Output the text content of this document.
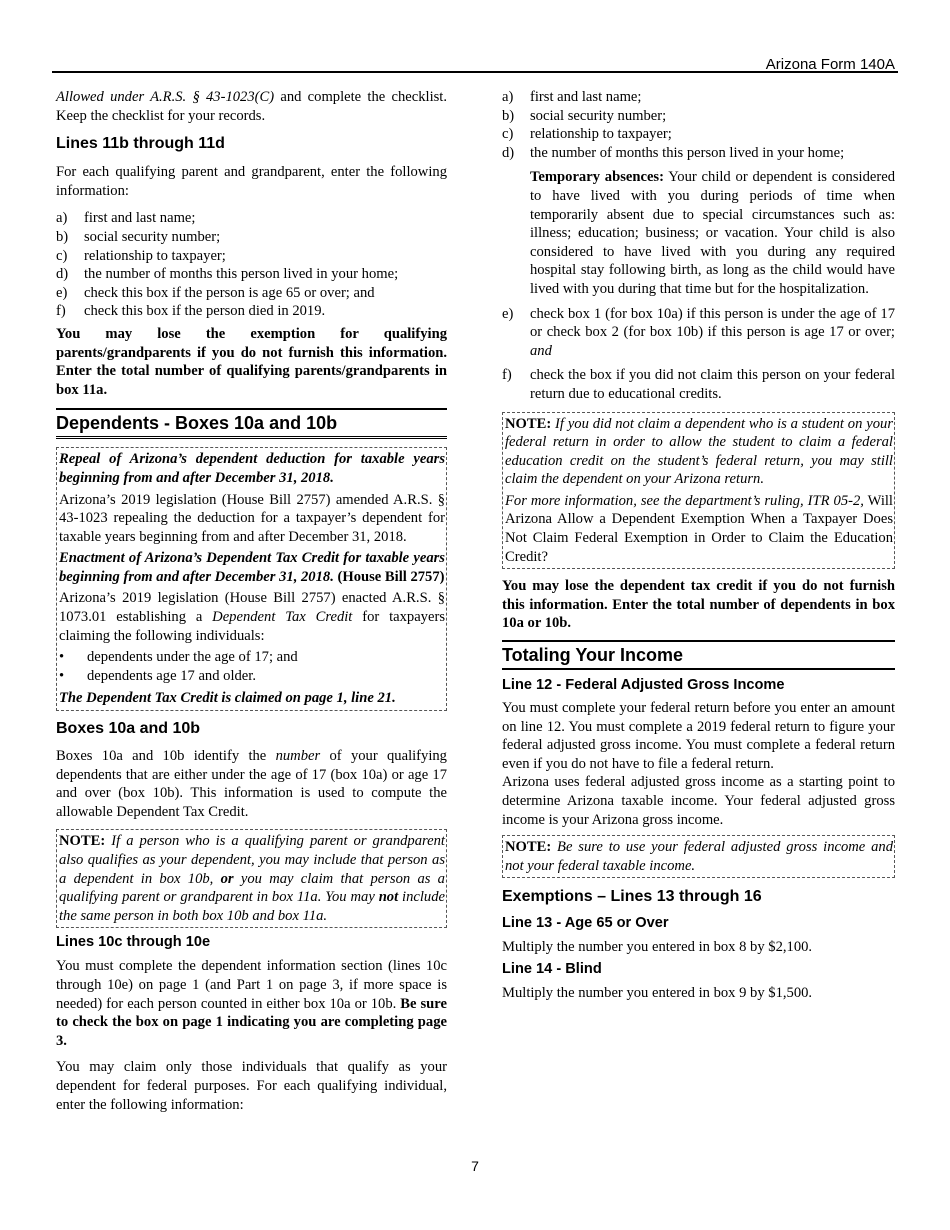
Arizona Form 140A

Allowed under A.R.S. § 43-1023(C) and complete the checklist. Keep the checklist for your records.

Lines 11b through 11d

For each qualifying parent and grandparent, enter the following information:

a)	first and last name;
b)	social security number;
c)	relationship to taxpayer;
d)	the number of months this person lived in your home;
e)	check this box if the person is age 65 or over; and
f)	check this box if the person died in 2019.

You may lose the exemption for qualifying parents/grandparents if you do not furnish this information. Enter the total number of qualifying parents/grandparents in box 11a.

Dependents - Boxes 10a and 10b

Repeal of Arizona’s dependent deduction for taxable years beginning from and after December 31, 2018.

Arizona’s 2019 legislation (House Bill 2757) amended A.R.S. § 43-1023 repealing the deduction for a taxpayer’s dependent for taxable years beginning from and after December 31, 2018.

Enactment of Arizona’s Dependent Tax Credit for taxable years beginning from and after December 31, 2018. (House Bill 2757)

Arizona’s 2019 legislation (House Bill 2757) enacted A.R.S. § 1073.01 establishing a Dependent Tax Credit for taxpayers claiming the following individuals:

•	dependents under the age of 17; and
•	dependents age 17 and older.

The Dependent Tax Credit is claimed on page 1, line 21.

Boxes 10a and 10b

Boxes 10a and 10b identify the number of your qualifying dependents that are either under the age of 17 (box 10a) or age 17 and over (box 10b). This information is used to compute the allowable Dependent Tax Credit.

NOTE: If a person who is a qualifying parent or grandparent also qualifies as your dependent, you may include that person as a dependent in box 10b, or you may claim that person as a qualifying parent or grandparent in box 11a. You may not include the same person in both box 10b and box 11a.
Lines 10c through 10e

You must complete the dependent information section (lines 10c through 10e) on page 1 (and Part 1 on page 3, if more space is needed) for each person counted in either box 10a or 10b. Be sure to check the box on page 1 indicating you are completing page 3.

You may claim only those individuals that qualify as your dependent for federal purposes. For each qualifying individual, enter the following information:

a)	first and last name;
b)	social security number;
c)	relationship to taxpayer;
d)	the number of months this person lived in your home;

Temporary absences: Your child or dependent is considered to have lived with you during periods of time when temporarily absent due to special circumstances such as: illness; education; business; or vacation. Your child is also considered to have lived with you during any required hospital stay following birth, as long as the child would have lived with you during that time but for the hospitalization.

e)	check box 1 (for box 10a) if this person is under the age of 17 or check box 2 (for box 10b) if this person is age 17 or over; and
f)	check the box if you did not claim this person on your federal return due to educational credits.

NOTE: If you did not claim a dependent who is a student on your federal return in order to allow the student to claim a federal education credit on the student’s federal return, you may still claim the dependent on your Arizona return.

For more information, see the department’s ruling, ITR 05-2, Will Arizona Allow a Dependent Exemption When a Taxpayer Does Not Claim Federal Exemption in Order to Claim the Education Credit?

You may lose the dependent tax credit if you do not furnish this information. Enter the total number of dependents in box 10a or 10b.

Totaling Your Income
Line 12 - Federal Adjusted Gross Income

You must complete your federal return before you enter an amount on line 12. You must complete a 2019 federal return to figure your federal adjusted gross income. You must complete a federal return even if you do not have to file a federal return.

Arizona uses federal adjusted gross income as a starting point to determine Arizona taxable income. Your federal adjusted gross income is your Arizona gross income.

NOTE: Be sure to use your federal adjusted gross income and not your federal taxable income.
Exemptions – Lines 13 through 16
Line 13 - Age 65 or Over

Multiply the number you entered in box 8 by $2,100.

Line 14 - Blind

Multiply the number you entered in box 9 by $1,500.

7
